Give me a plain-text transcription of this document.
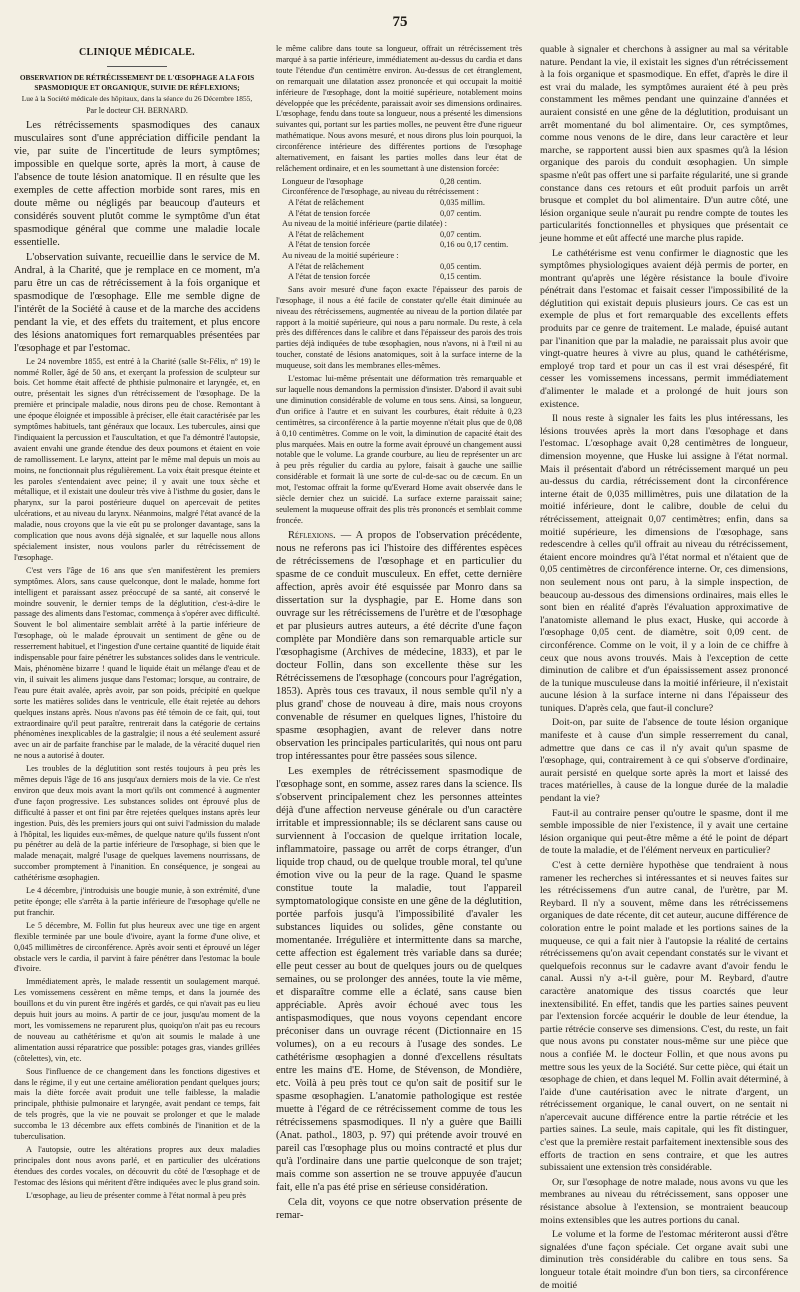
75
CLINIQUE MÉDICALE.

OBSERVATION DE RÉTRÉCISSEMENT DE L'ŒSOPHAGE A LA FOIS SPASMODIQUE ET ORGANIQUE, SUIVIE DE RÉFLEXIONS;

Lue à la Société médicale des hôpitaux, dans la séance du 26 Décembre 1855,

Par le docteur CH. BERNARD.

Les rétrécissements spasmodiques des canaux musculaires sont d'une appréciation difficile pendant la vie, par suite de l'incertitude de leurs symptômes; impossible en quelque sorte, après la mort, à cause de l'absence de toute lésion anatomique. Il en résulte que les exemples de cette affection morbide sont rares, mis en doute même ou négligés par beaucoup d'auteurs et considérés souvent plutôt comme le symptôme d'un état spasmodique général que comme une maladie locale essentielle.

L'observation suivante, recueillie dans le service de M. Andral, à la Charité, que je remplace en ce moment, m'a paru être un cas de rétrécissement à la fois organique et spasmodique de l'œsophage. Elle me semble digne de l'intérêt de la Société à cause et de la marche des accidens pendant la vie, et des effets du traitement, et plus encore des lésions anatomiques fort remarquables présentées par l'œsophage et par l'estomac.

Le 24 novembre 1855, est entré à la Charité (salle St-Félix, nº 19) le nommé Roller, âgé de 50 ans, et exerçant la profession de sculpteur sur bois. Cet homme était affecté de phthisie pulmonaire et laryngée, et, en outre, présentait les signes d'un rétrécissement de l'œsophage. De la première et principale maladie, nous dirons peu de chose. Remontant à une époque éloignée et impossible à préciser, elle était caractérisée par les symptômes habituels, tant généraux que locaux. Les tubercules, ainsi que l'indiquaient la percussion et l'auscultation, et que l'a démontré l'autopsie, avaient envahi une grande étendue des deux poumons et étaient en voie de ramollissement. Le larynx, atteint par le même mal depuis un mois au moins, ne fonctionnait plus régulièrement. La voix était presque éteinte et les paroles s'entendaient avec peine; il y avait une toux sèche et métallique, et il existait une douleur très vive à l'isthme du gosier, dans le pharynx, sur la paroi postérieure duquel on apercevait de petites ulcérations, et au niveau du larynx. Néanmoins, malgré l'état avancé de la maladie, nous croyons que la vie eût pu se prolonger davantage, sans la complication que nous avons déjà signalée, et sur laquelle nous allons spécialement insister, nous voulons parler du rétrécissement de l'œsophage.

C'est vers l'âge de 16 ans que s'en manifestèrent les premiers symptômes. Alors, sans cause quelconque, dont le malade, homme fort intelligent et paraissant assez préoccupé de sa santé, ait conservé le moindre souvenir, le dernier temps de la déglutition, c'est-à-dire le passage des aliments dans l'estomac, commença à s'opérer avec difficulté. Souvent le bol alimentaire semblait arrêté à la partie inférieure de l'œsophage, où le malade éprouvait un sentiment de gêne ou de resserrement habituel, et l'ingestion d'une certaine quantité de liquide était indispensable pour faire pénétrer les substances solides dans le ventricule. Mais, phénomène bizarre ! quand le liquide était un mélange d'eau et de vin, il suivait les alimens jusque dans l'estomac; lorsque, au contraire, de l'eau pure était avalée, après avoir, par son poids, précipité en quelque sorte les matières solides dans le ventricule, elle était rejetée au dehors quelques instans après. Nous n'avons pas été témoin de ce fait, qui, tout extraordinaire qu'il peut paraître, rentrerait dans la catégorie de certains phénomènes inexplicables de la gastralgie; il nous a été seulement assuré avec un air de parfaite franchise par le malade, de la véracité duquel rien ne nous a autorisé à douter.

Les troubles de la déglutition sont restés toujours à peu près les mêmes depuis l'âge de 16 ans jusqu'aux derniers mois de la vie. Ce n'est environ que deux mois avant la mort qu'ils ont commencé à augmenter d'une façon progressive. Les substances solides ont éprouvé plus de difficulté à passer et ont fini par être rejetées quelques instans après leur ingestion. Puis, dès les premiers jours qui ont suivi l'admission du malade à l'hôpital, les liquides eux-mêmes, de quelque nature qu'ils fussent n'ont pu pénétrer au delà de la partie inférieure de l'œsophage, si bien que le malade menaçait, malgré l'usage de quelques lavemens nourrissans, de succomber promptement à l'inanition. En conséquence, je songeai au cathétérisme œsophagien.

Le 4 décembre, j'introduisis une bougie munie, à son extrémité, d'une petite éponge; elle s'arrêta à la partie inférieure de l'œsophage qu'elle ne put franchir.

Le 5 décembre, M. Follin fut plus heureux avec une tige en argent flexible terminée par une boule d'ivoire, ayant la forme d'une olive, et 0,045 millimètres de circonférence. Après avoir senti et éprouvé un léger obstacle vers le cardia, il parvint à faire pénétrer dans l'estomac la boule d'ivoire.

Immédiatement après, le malade ressentit un soulagement marqué. Les vomissemens cessèrent en même temps, et dans la journée des bouillons et du vin purent être ingérés et gardés, ce qui n'avait pas eu lieu depuis huit jours au moins. A partir de ce jour, jusqu'au moment de la mort, les vomissemens ne reparurent plus, quoiqu'on n'ait pas eu recours de nouveau au cathétérisme et qu'on ait soumis le malade à une alimentation aussi réparatrice que possible: potages gras, viandes grillées (côtelettes), vin, etc.

Sous l'influence de ce changement dans les fonctions digestives et dans le régime, il y eut une certaine amélioration pendant quelques jours; mais la diète forcée avait produit une telle faiblesse, la maladie principale, phthisie pulmonaire et laryngée, avait pendant ce temps, fait de tels progrès, que la vie ne pouvait se prolonger et que le malade succomba le 13 décembre aux effets combinés de l'inanition et de la tuberculisation.

A l'autopsie, outre les altérations propres aux deux maladies principales dont nous avons parlé, et en particulier des ulcérations étendues des cordes vocales, on découvrit du côté de l'œsophage et de l'estomac des lésions qui méritent d'être indiquées avec le plus grand soin.

L'œsophage, au lieu de présenter comme à l'état normal à peu près

le même calibre dans toute sa longueur, offrait un rétrécissement très marqué à sa partie inférieure, immédiatement au-dessus du cardia et dans toute l'étendue d'un centimètre environ. Au-dessus de cet étranglement, on remarquait une dilatation assez prononcée et qui occupait la moitié inférieure de l'œsophage, dont la moitié supérieure, notablement moins développée que les précédente, paraissait avoir ses dimensions ordinaires. L'œsophage, fendu dans toute sa longueur, nous a présenté les dimensions suivantes qui, portant sur les parties molles, ne peuvent être d'une rigueur mathématique. Nous avons mesuré, et nous dirons plus loin pourquoi, la circonférence intérieure des différentes portions de l'œsophage alternativement, en faisant les parties molles dans leur état de relâchement ordinaire, et en les soumettant à une distension forcée:

Longueur de l'œsophage	0,28 centim.
Circonférence de l'œsophage, au niveau du rétrécissement :	
A l'état de relâchement	0,035 millim.
A l'état de tension forcée	0,07 centim.
Au niveau de la moitié inférieure (partie dilatée) :	
A l'état de relâchement	0,07 centim.
A l'état de tension forcée	0,16 ou 0,17 centim.
Au niveau de la moitié supérieure :	
A l'état de relâchement	0,05 centim.
A l'état de tension forcée	0,15 centim.

Sans avoir mesuré d'une façon exacte l'épaisseur des parois de l'œsophage, il nous a été facile de constater qu'elle était diminuée au niveau des rétrécissemens, augmentée au niveau de la portion dilatée par rapport à la moitié supérieure, qui nous a paru normale. Du reste, à cela près des différences dans le calibre et dans l'épaisseur des parois des trois parties déjà indiquées de tube œsophagien, nous n'avons, ni à l'œil ni au toucher, constaté de lésions anatomiques, soit à la surface interne de la muqueuse, soit dans les membranes elles-mêmes.

L'estomac lui-même présentait une déformation très remarquable et sur laquelle nous demandons la permission d'insister. D'abord il avait subi une diminution considérable de volume en tous sens. Ainsi, sa longueur, d'un orifice à l'autre et en suivant les courbures, était réduite à 0,23 centimètres, sa circonférence à la partie moyenne n'était plus que de 0,08 à 0,10 centimètres. Comme on le voit, la diminution de capacité était des plus marquées. Mais en outre la forme avait éprouvé un changement aussi notable que le volume. La grande courbure, au lieu de représenter un arc à peu près régulier du cardia au pylore, faisait à gauche une saillie considérable et formait là une sorte de cul-de-sac ou de cæcum. En un mot, l'estomac offrait la forme qu'Everard Home avait observée dans le siècle dernier chez un suicidé. La surface externe paraissait saine; seulement la muqueuse offrait des plis très prononcés et semblait comme froncée.

Réflexions. — A propos de l'observation précédente, nous ne referons pas ici l'histoire des différentes espèces de rétrécissemens de l'œsophage et en particulier du spasme de ce conduit musculeux. En effet, cette dernière affection, après avoir été esquissée par Monro dans sa dissertation sur la dysphagie, par E. Home dans son ouvrage sur les rétrécissemens de l'urètre et de l'œsophage et par plusieurs autres auteurs, a été décrite d'une façon complète par Mondière dans son remarquable article sur l'œsophagisme (Archives de médecine, 1833), et par le docteur Follin, dans son excellente thèse sur les Rétrécissemens de l'œsophage (concours pour l'agrégation, 1853). Après tous ces travaux, il nous semble qu'il n'y a plus grand' chose de nouveau à dire, mais nous croyons convenable de résumer en quelques lignes, l'histoire du spasme œsophagien, avant de relever dans notre observation les principales particularités, qui nous ont paru trop intéressantes pour être passées sous silence.

Les exemples de rétrécissement spasmodique de l'œsophage sont, en somme, assez rares dans la science. Ils s'observent principalement chez les personnes atteintes déjà d'une affection nerveuse générale ou d'un caractère irritable et impressionnable; ils se déclarent sans cause ou surviennent à l'occasion de quelque irritation locale, inflammatoire, passage ou arrêt de corps étranger, d'un liquide trop chaud, ou de quelque trouble moral, tel qu'une émotion vive ou la peur de la rage. Quand le spasme constitue toute la maladie, tout l'appareil symptomatologique consiste en une gêne de la déglutition, portée parfois jusqu'à l'impossibilité d'avaler les substances liquides ou solides, gêne constante ou momentanée. Irrégulière et intermittente dans sa marche, cette affection est également très variable dans sa durée; elle peut cesser au bout de quelques jours ou de quelques semaines, ou se prolonger des années, toute la vie même, et disparaître comme elle a éclaté, sans cause bien appréciable. Après avoir échoué avec tous les antispasmodiques, que nous voyons cependant encore préconiser dans un ouvrage récent (Dictionnaire en 15 volumes), on a eu recours à l'usage des sondes. Le cathétérisme œsophagien a donné d'excellens résultats entre les mains d'E. Home, de Stévenson, de Mondière, etc. Voilà à peu près tout ce qu'on sait de positif sur le spasme œsophagien. L'anatomie pathologique est restée muette à l'égard de ce rétrécissement comme de tous les rétrécissemens spasmodiques. Il n'y a guère que Bailli (Anat. pathol., 1803, p. 97) qui prétende avoir trouvé en pareil cas l'œsophage plus ou moins contracté et plus dur qu'à l'ordinaire dans une partie quelconque de son trajet; mais comme son assertion ne se trouve appuyée d'aucun fait, elle n'a pas été prise en sérieuse considération.

Cela dit, voyons ce que notre observation présente de remar-

quable à signaler et cherchons à assigner au mal sa véritable nature. Pendant la vie, il existait les signes d'un rétrécissement à la fois organique et spasmodique. En effet, d'après le dire il est vrai du malade, les symptômes auraient été à peu près constamment les mêmes pendant une quinzaine d'années et auraient consisté en une gêne de la déglutition, produisant un arrêt momentané du bol alimentaire. Or, ces symptômes, comme nous venons de le dire, dans leur caractère et leur marche, se rapportent aussi bien aux spasmes qu'à la lésion organique des parois du conduit œsophagien. Un simple spasme n'eût pas offert une si parfaite régularité, une si grande constance dans ces retours et eût produit parfois un arrêt brusque et complet du bol alimentaire. D'un autre côté, une lésion organique seule n'aurait pu rendre compte de toutes les particularités fonctionnelles et physiques que présentait ce jeune homme et eût affecté une marche plus rapide.

Le cathétérisme est venu confirmer le diagnostic que les symptômes physiologiques avaient déjà permis de porter, en montrant qu'après une légère résistance la boule d'ivoire pénétrait dans l'estomac et faisait cesser l'impossibilité de la déglutition qui existait depuis plusieurs jours. Ce cas est un exemple de plus et fort remarquable des excellents effets produits par ce genre de traitement. Le malade, épuisé autant par l'inanition que par la maladie, ne paraissait plus avoir que vingt-quatre heures à vivre au plus, quand le cathétérisme, employé trop tard et pour un cas il est vrai désespéré, fit cesser les vomissemens incessans, permit immédiatement d'alimenter le malade et a prolongé de huit jours son existence.

Il nous reste à signaler les faits les plus intéressans, les lésions trouvées après la mort dans l'œsophage et dans l'estomac. L'œsophage avait 0,28 centimètres de longueur, dimension moyenne, que Huske lui assigne à l'état normal. Mais il présentait d'abord un rétrécissement marqué un peu au-dessus du cardia, rétrécissement dont la circonférence interne était de 0,035 millimètres, puis une dilatation de la moitié inférieure, dont le calibre, double de celui du rétrécissement, atteignait 0,07 centimètres; enfin, dans sa moitié supérieure, les dimensions de l'œsophage, sans redescendre à celles qu'il offrait au niveau du rétrécissement, étaient encore moindres qu'à l'état normal et n'étaient que de 0,05 centimètres de circonférence interne. Or, ces dimensions, non seulement nous ont paru, à la simple inspection, de beaucoup au-dessous des dimensions ordinaires, mais elles le sont bien en réalité d'après l'évaluation approximative de l'anatomiste allemand le plus exact, Huske, qui accorde à l'œsophage 0,05 cent. de diamètre, soit 0,09 cent. de circonférence. Comme on le voit, il y a loin de ce chiffre à ceux que nous avons trouvés. Mais à l'exception de cette diminution de calibre et d'un épaississement assez prononcé de la tunique musculeuse dans la moitié inférieure, il n'existait aucune lésion à la surface interne ni dans l'épaisseur des tuniques. D'après cela, que faut-il conclure?

Doit-on, par suite de l'absence de toute lésion organique manifeste et à cause d'un simple resserrement du canal, admettre que dans ce cas il n'y avait qu'un spasme de l'œsophage, qui, contrairement à ce qui s'observe d'ordinaire, aurait persisté en quelque sorte après la mort et laissé des traces matérielles, à cause de la longue durée de la maladie pendant la vie?

Faut-il au contraire penser qu'outre le spasme, dont il me semble impossible de nier l'existence, il y avait une certaine lésion organique qui peut-être même a été le point de départ de toute la maladie, et de l'élément nerveux en particulier?

C'est à cette dernière hypothèse que tendraient à nous ramener les recherches si intéressantes et si neuves faites sur les rétrécissemens d'un autre canal, de l'urètre, par M. Reybard. Il n'y a souvent, même dans les rétrécissemens organiques de date récente, dit cet auteur, aucune différence de coloration entre le point malade et les portions saines de la muqueuse, ce qui a fait nier à l'autopsie la réalité de certains rétrécissemens qu'on avait cependant constatés sur le vivant et quelquefois reconnus sur le cadavre avant d'avoir fendu le canal. Aussi n'y a-t-il guère, pour M. Reybard, d'autre caractère anatomique des tissus coarctés que leur inextensibilité. En effet, tandis que les parties saines peuvent par l'extension forcée acquérir le double de leur étendue, la partie rétrécie conserve ses dimensions. C'est, du reste, un fait que nous avons pu constater nous-même sur une pièce que nous a confiée M. le docteur Follin, et que nous avons pu mettre sous les yeux de la Société. Sur cette pièce, qui était un œsophage de chien, et dans lequel M. Follin avait déterminé, à l'aide d'une cautérisation avec le nitrate d'argent, un rétrécissement organique, le canal ouvert, on ne sentait ni n'apercevait aucune différence entre la partie rétrécie et les parties saines. La seule, mais capitale, qui les fît distinguer, c'est que la première restait parfaitement inextensible sous des efforts de traction en sens contraire, et que les autres subissaient une extension très considérable.

Or, sur l'œsophage de notre malade, nous avons vu que les membranes au niveau du rétrécissement, sans opposer une résistance absolue à l'extension, se montraient beaucoup moins extensibles que les autres portions du canal.

Le volume et la forme de l'estomac mériteront aussi d'être signalées d'une façon spéciale. Cet organe avait subi une diminution très considérable du calibre en tous sens. Sa longueur totale était moindre d'un bon tiers, sa circonférence de moitié
